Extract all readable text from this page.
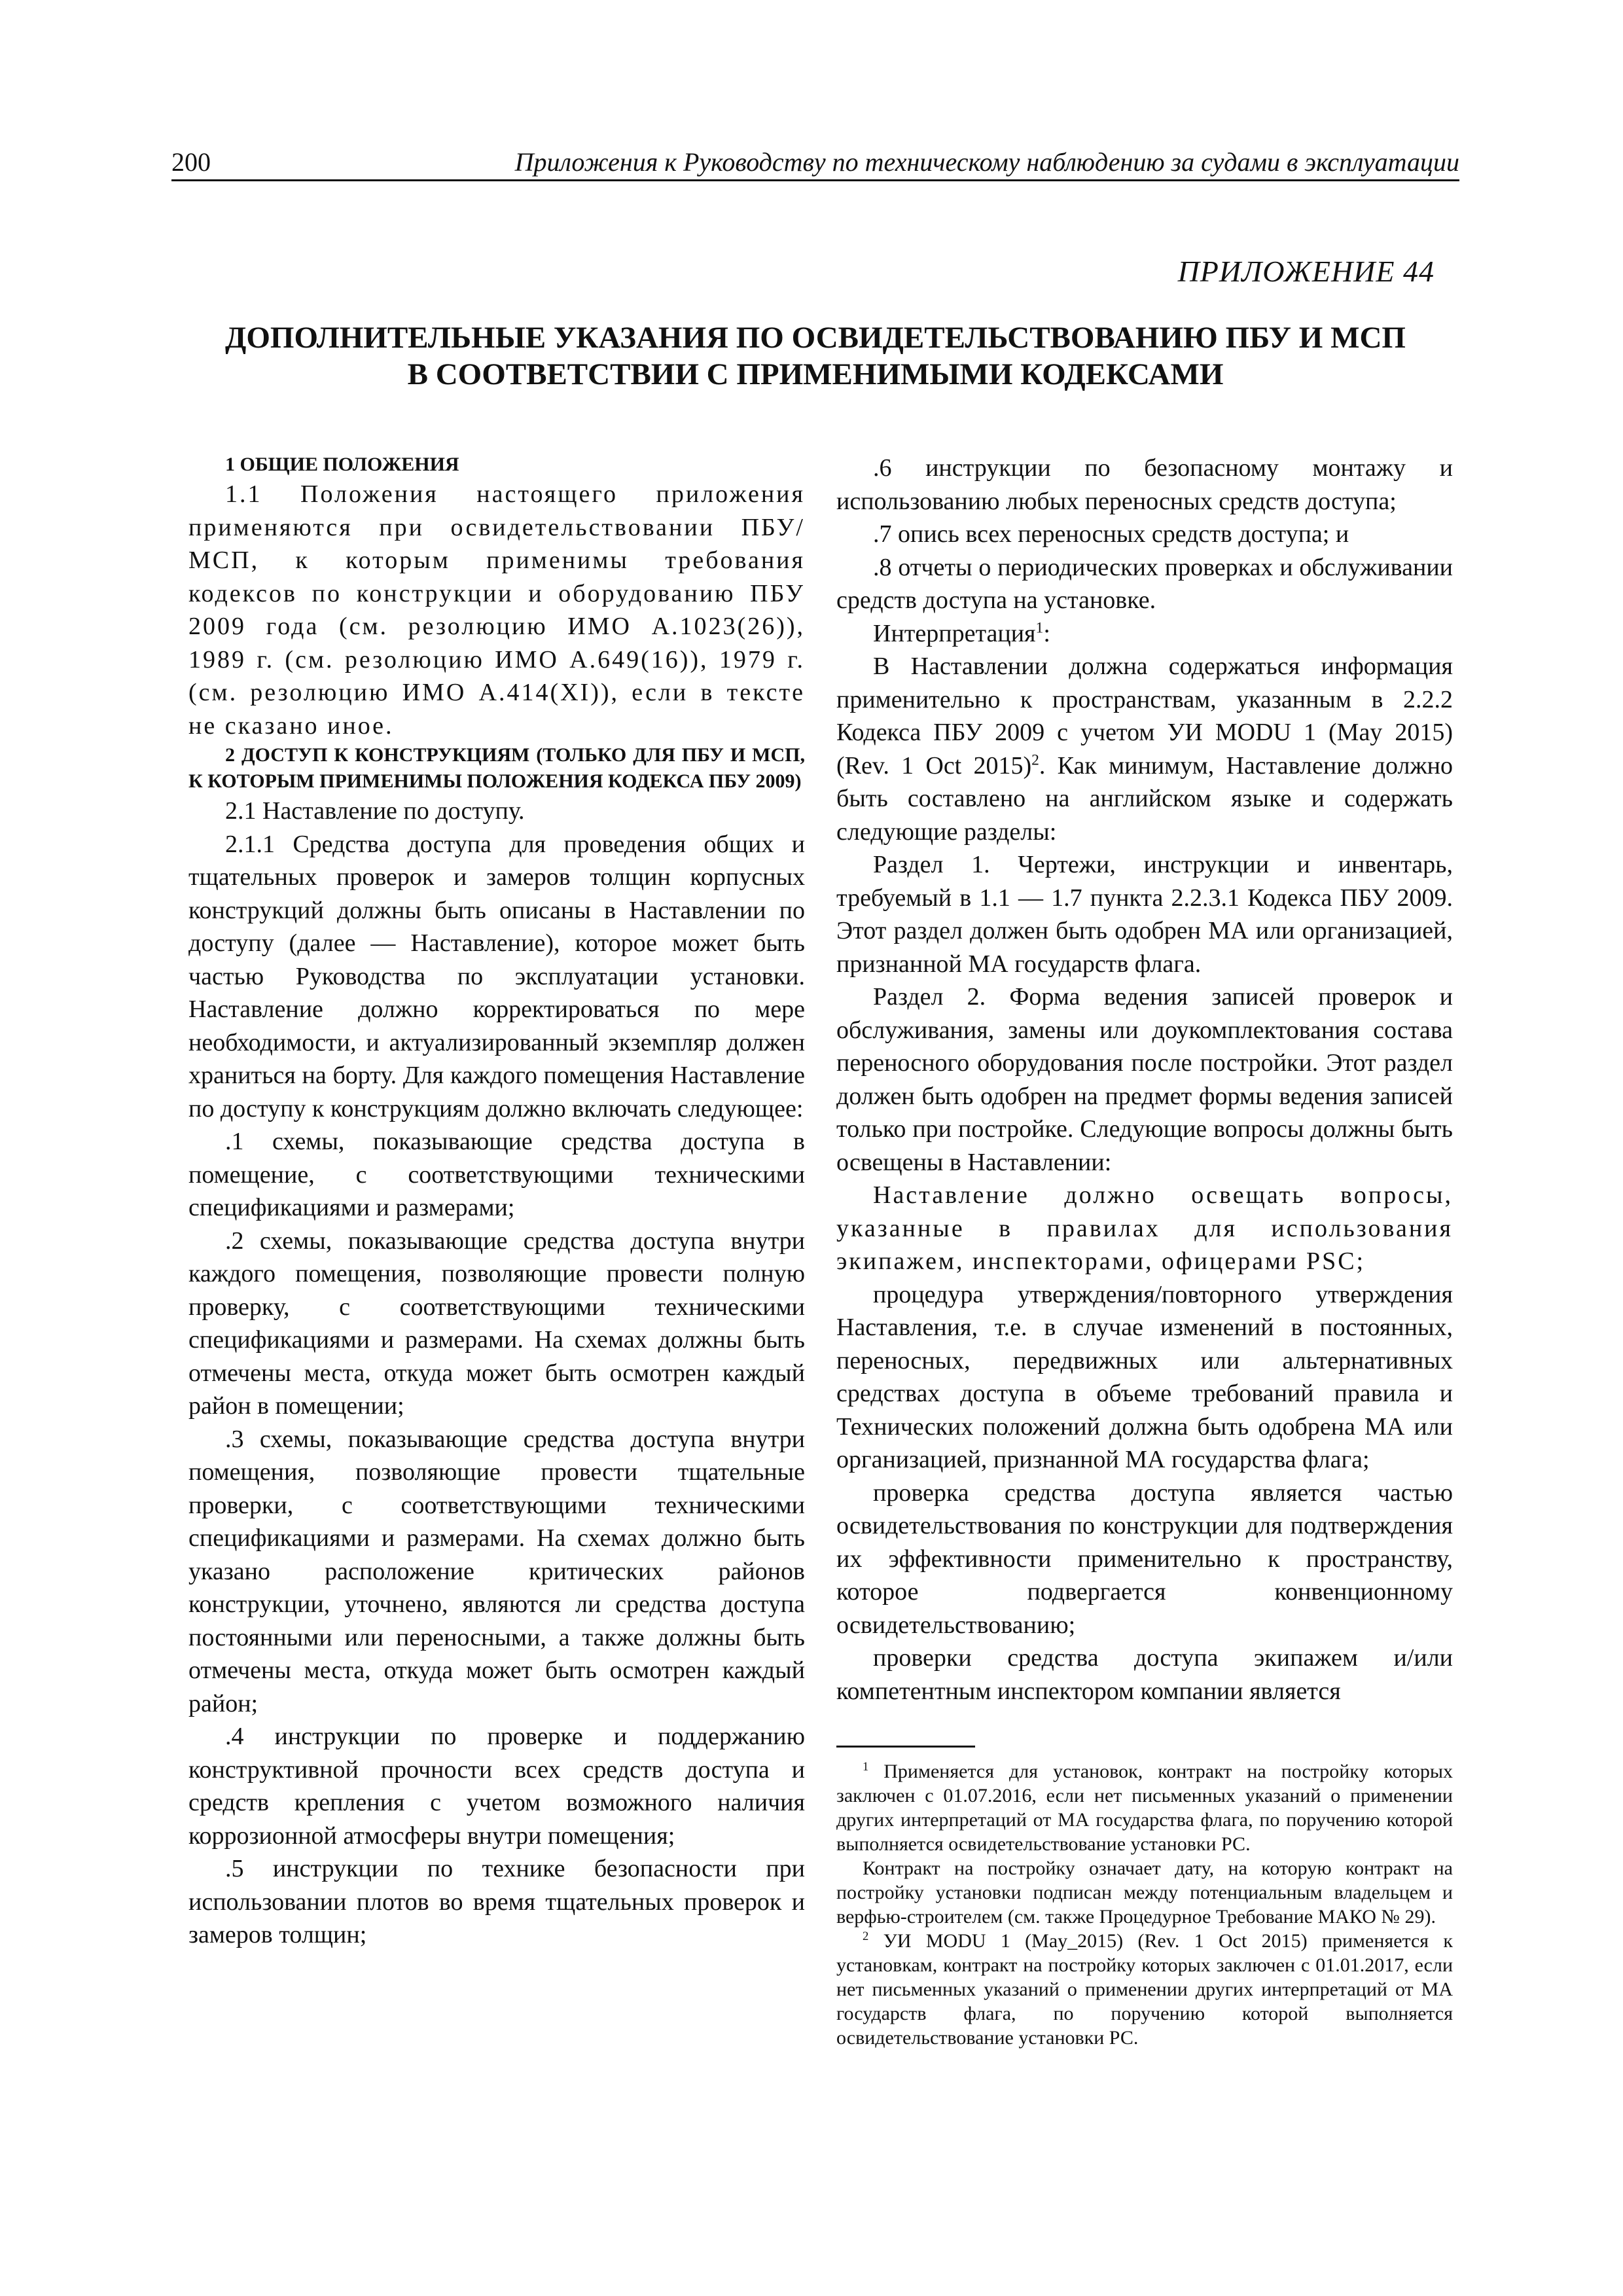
200	Приложения к Руководству по техническому наблюдению за судами в эксплуатации
ПРИЛОЖЕНИЕ 44
ДОПОЛНИТЕЛЬНЫЕ УКАЗАНИЯ ПО ОСВИДЕТЕЛЬСТВОВАНИЮ ПБУ И МСП
В СООТВЕТСТВИИ С ПРИМЕНИМЫМИ КОДЕКСАМИ

1 ОБЩИЕ ПОЛОЖЕНИЯ

1.1 Положения настоящего приложения применяются при освидетельствовании ПБУ/МСП, к которым применимы требования кодексов по конструкции и оборудованию ПБУ 2009 года (см. резолюцию ИМО А.1023(26)), 1989 г. (см. резолюцию ИМО А.649(16)), 1979 г. (см. резолюцию ИМО А.414(XI)), если в тексте не сказано иное.

2 ДОСТУП К КОНСТРУКЦИЯМ (ТОЛЬКО ДЛЯ ПБУ И МСП, К КОТОРЫМ ПРИМЕНИМЫ ПОЛОЖЕНИЯ КОДЕКСА ПБУ 2009)

2.1 Наставление по доступу.

2.1.1 Средства доступа для проведения общих и тщательных проверок и замеров толщин корпусных конструкций должны быть описаны в Наставлении по доступу (далее — Наставление), которое может быть частью Руководства по эксплуатации установки. Наставление должно корректироваться по мере необходимости, и актуализированный экземпляр должен храниться на борту. Для каждого помещения Наставление по доступу к конструкциям должно включать следующее:

.1 схемы, показывающие средства доступа в помещение, с соответствующими техническими спецификациями и размерами;

.2 схемы, показывающие средства доступа внутри каждого помещения, позволяющие провести полную проверку, с соответствующими техническими спецификациями и размерами. На схемах должны быть отмечены места, откуда может быть осмотрен каждый район в помещении;

.3 схемы, показывающие средства доступа внутри помещения, позволяющие провести тщательные проверки, с соответствующими техническими спецификациями и размерами. На схемах должно быть указано расположение критических районов конструкции, уточнено, являются ли средства доступа постоянными или переносными, а также должны быть отмечены места, откуда может быть осмотрен каждый район;

.4 инструкции по проверке и поддержанию конструктивной прочности всех средств доступа и средств крепления с учетом возможного наличия коррозионной атмосферы внутри помещения;

.5 инструкции по технике безопасности при использовании плотов во время тщательных проверок и замеров толщин;

.6 инструкции по безопасному монтажу и использованию любых переносных средств доступа;

.7 опись всех переносных средств доступа; и

.8 отчеты о периодических проверках и обслуживании средств доступа на установке.

Интерпретация$^1$:

В Наставлении должна содержаться информация применительно к пространствам, указанным в 2.2.2 Кодекса ПБУ 2009 с учетом УИ MODU 1 (May 2015) (Rev. 1 Oct 2015)$^2$. Как минимум, Наставление должно быть составлено на английском языке и содержать следующие разделы:

Раздел 1. Чертежи, инструкции и инвентарь, требуемый в 1.1 — 1.7 пункта 2.2.3.1 Кодекса ПБУ 2009. Этот раздел должен быть одобрен МА или организацией, признанной МА государств флага.

Раздел 2. Форма ведения записей проверок и обслуживания, замены или доукомплектования состава переносного оборудования после постройки. Этот раздел должен быть одобрен на предмет формы ведения записей только при постройке. Следующие вопросы должны быть освещены в Наставлении:

Наставление должно освещать вопросы, указанные в правилах для использования экипажем, инспекторами, офицерами PSC;

процедура утверждения/повторного утверждения Наставления, т.е. в случае изменений в постоянных, переносных, передвижных или альтернативных средствах доступа в объеме требований правила и Технических положений должна быть одобрена МА или организацией, признанной МА государства флага;

проверка средства доступа является частью освидетельствования по конструкции для подтверждения их эффективности применительно к пространству, которое подвергается конвенционному освидетельствованию;

проверки средства доступа экипажем и/или компетентным инспектором компании является

$^1$ Применяется для установок, контракт на постройку которых заключен с 01.07.2016, если нет письменных указаний о применении других интерпретаций от МА государства флага, по поручению которой выполняется освидетельствование установки РС.

Контракт на постройку означает дату, на которую контракт на постройку установки подписан между потенциальным владельцем и верфью-строителем (см. также Процедурное Требование МАКО № 29).

$^2$ УИ MODU 1 (May_2015) (Rev. 1 Oct 2015) применяется к установкам, контракт на постройку которых заключен с 01.01.2017, если нет письменных указаний о применении других интерпретаций от МА государств флага, по поручению которой выполняется освидетельствование установки РС.
